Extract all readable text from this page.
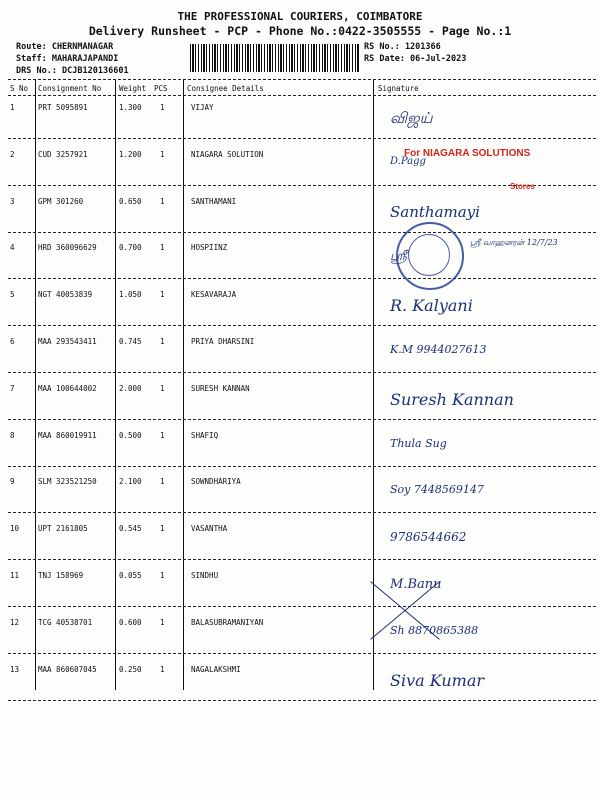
THE PROFESSIONAL COURIERS, COIMBATORE
Delivery Runsheet - PCP - Phone No.:0422-3505555 - Page No.:1
Route: CHERNMANAGAR
Staff: MAHARAJAPANDI
DRS No.: DCJB120136601
RS No.: 1201366
RS Date: 06-Jul-2023
S No Consignment No Weight PCS	Consignee Details	Signature
1	PRT 5095891	1.300 1	VIJAY
விஜய்
2	CUD 3257921	1.200 1	NIAGARA SOLUTION
D.Pagg
3	GPM 301260	0.650 1	SANTHAMANI
Santhamayi
4	HRD 360096629	0.700 1	HOSPIINZ
ஸ்ரீ
5	NGT 40053839	1.050 1	KESAVARAJA
R. Kalyani
6	MAA 293543411	0.745 1	PRIYA DHARSINI
K.M 9944027613
7	MAA 100644002	2.000 1	SURESH KANNAN
Suresh Kannan
8	MAA 860019911	0.500 1	SHAFIQ
Thula Sug
9	SLM 323521250	2.100 1	SOWNDHARIYA
Soy 7448569147
10	UPT 2161805	0.545 1	VASANTHA
9786544662
11	TNJ 158969	0.055 1	SINDHU
M.Banu
12	TCG 40538701	0.600 1	BALASUBRAMANIYAN
Sh 8870865388
13	MAA 860607045	0.250 1	NAGALAKSHMI
Siva Kumar
For NIAGARA SOLUTIONS
Stores
ஸ்ரீ வாஹனரன் 12/7/23
